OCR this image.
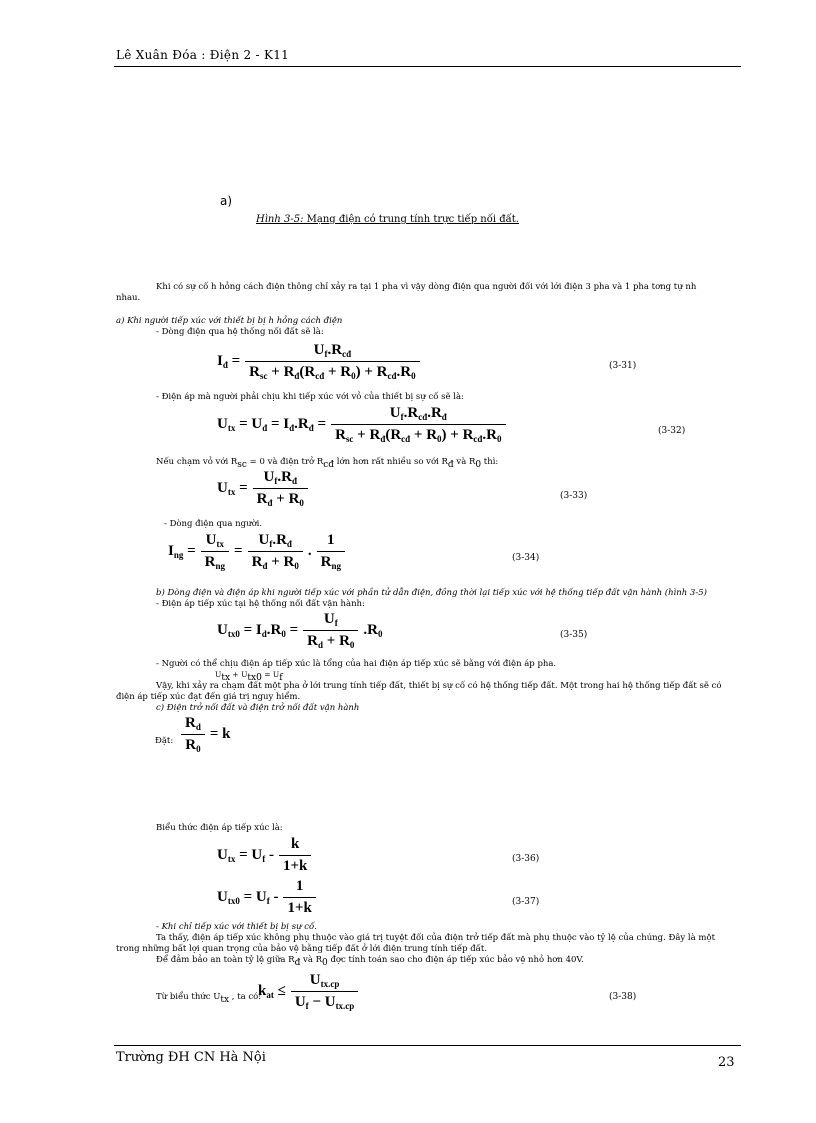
Lê Xuân Đóa : Điện 2 - K11
a)
Hình 3-5: Mạng điện có trung tính trực tiếp nối đất.
Khi có sự cố h hỏng cách điện thông chỉ xảy ra tại 1 pha vì vậy dòng điện qua người đối với lới điện 3 pha và 1 pha tơng tự nh
nhau.
a) Khi người tiếp xúc với thiết bị bị h hỏng cách điện
- Dòng điện qua hệ thống nối đất sẽ là:
$I_đ = \frac{U_f.R_{cđ}}{R_{sc} + R_đ(R_{cđ} + R_0) + R_{cđ}.R_0}$	(3-31)
- Điện áp mà người phải chịu khi tiếp xúc với vỏ của thiết bị sự cố sẽ là:
$U_{tx} = U_đ = I_đ.R_đ = \frac{U_f.R_{cđ}.R_đ}{R_{sc} + R_đ(R_{cđ} + R_0) + R_{cđ}.R_0}$	(3-32)
Nếu chạm vỏ với $R_{sc} = 0$ và điện trở $R_{cđ}$ lớn hơn rất nhiều so với $R_đ$ và $R_0$ thì:
$U_{tx} = \frac{U_f.R_đ}{R_đ + R_0}$	(3-33)
- Dòng điện qua người.
$I_{ng} = \frac{U_{tx}}{R_{ng}} = \frac{U_f.R_đ}{R_đ + R_0}$ . $\frac{1}{R_{ng}}$	(3-34)
b) Dòng điện và điện áp khi người tiếp xúc với phần tử dẫn điện, đồng thời lại tiếp xúc với hệ thống tiếp đất vận hành (hình 3-5)
- Điện áp tiếp xúc tại hệ thống nối đất vận hành:
$U_{tx0} = I_d.R_0 = \frac{U_f}{R_d + R_0} .R_0$	(3-35)
- Người có thể chịu điện áp tiếp xúc là tổng của hai điện áp tiếp xúc sẽ bằng với điện áp pha.
$U_{tx} + U_{tx0} = U_f$
Vậy, khi xảy ra chạm đất một pha ở lới trung tính tiếp đất, thiết bị sự cố có hệ thống tiếp đất. Một trong hai hệ thống tiếp đất sẽ có
điện áp tiếp xúc đạt đến giá trị nguy hiểm.
c) Điện trở nối đất và điện trở nối đất vận hành
Đặt: $\frac{R_d}{R_0} = k$
Biểu thức điện áp tiếp xúc là:
$U_{tx} = U_f - \frac{k}{1+k}$	(3-36)
$U_{tx0} = U_f - \frac{1}{1+k}$	(3-37)
- Khi chỉ tiếp xúc với thiết bị bị sự cố.
Ta thấy, điện áp tiếp xúc không phụ thuộc vào giá trị tuyệt đối của điện trở tiếp đất mà phụ thuộc vào tỷ lệ của chúng. Đây là một
trong những bất lợi quan trọng của bảo vệ bằng tiếp đất ở lới điện trung tính tiếp đất.
Để đảm bảo an toàn tỷ lệ giữa $R_đ$ và $R_0$ đợc tính toán sao cho điện áp tiếp xúc bảo vệ nhỏ hơn 40V.
Từ biểu thức $U_{tx}$ , ta có:
$k_{at} \le \frac{U_{tx.cp}}{U_f - U_{tx.cp}}$	(3-38)
Trường ĐH CN Hà Nội	23
